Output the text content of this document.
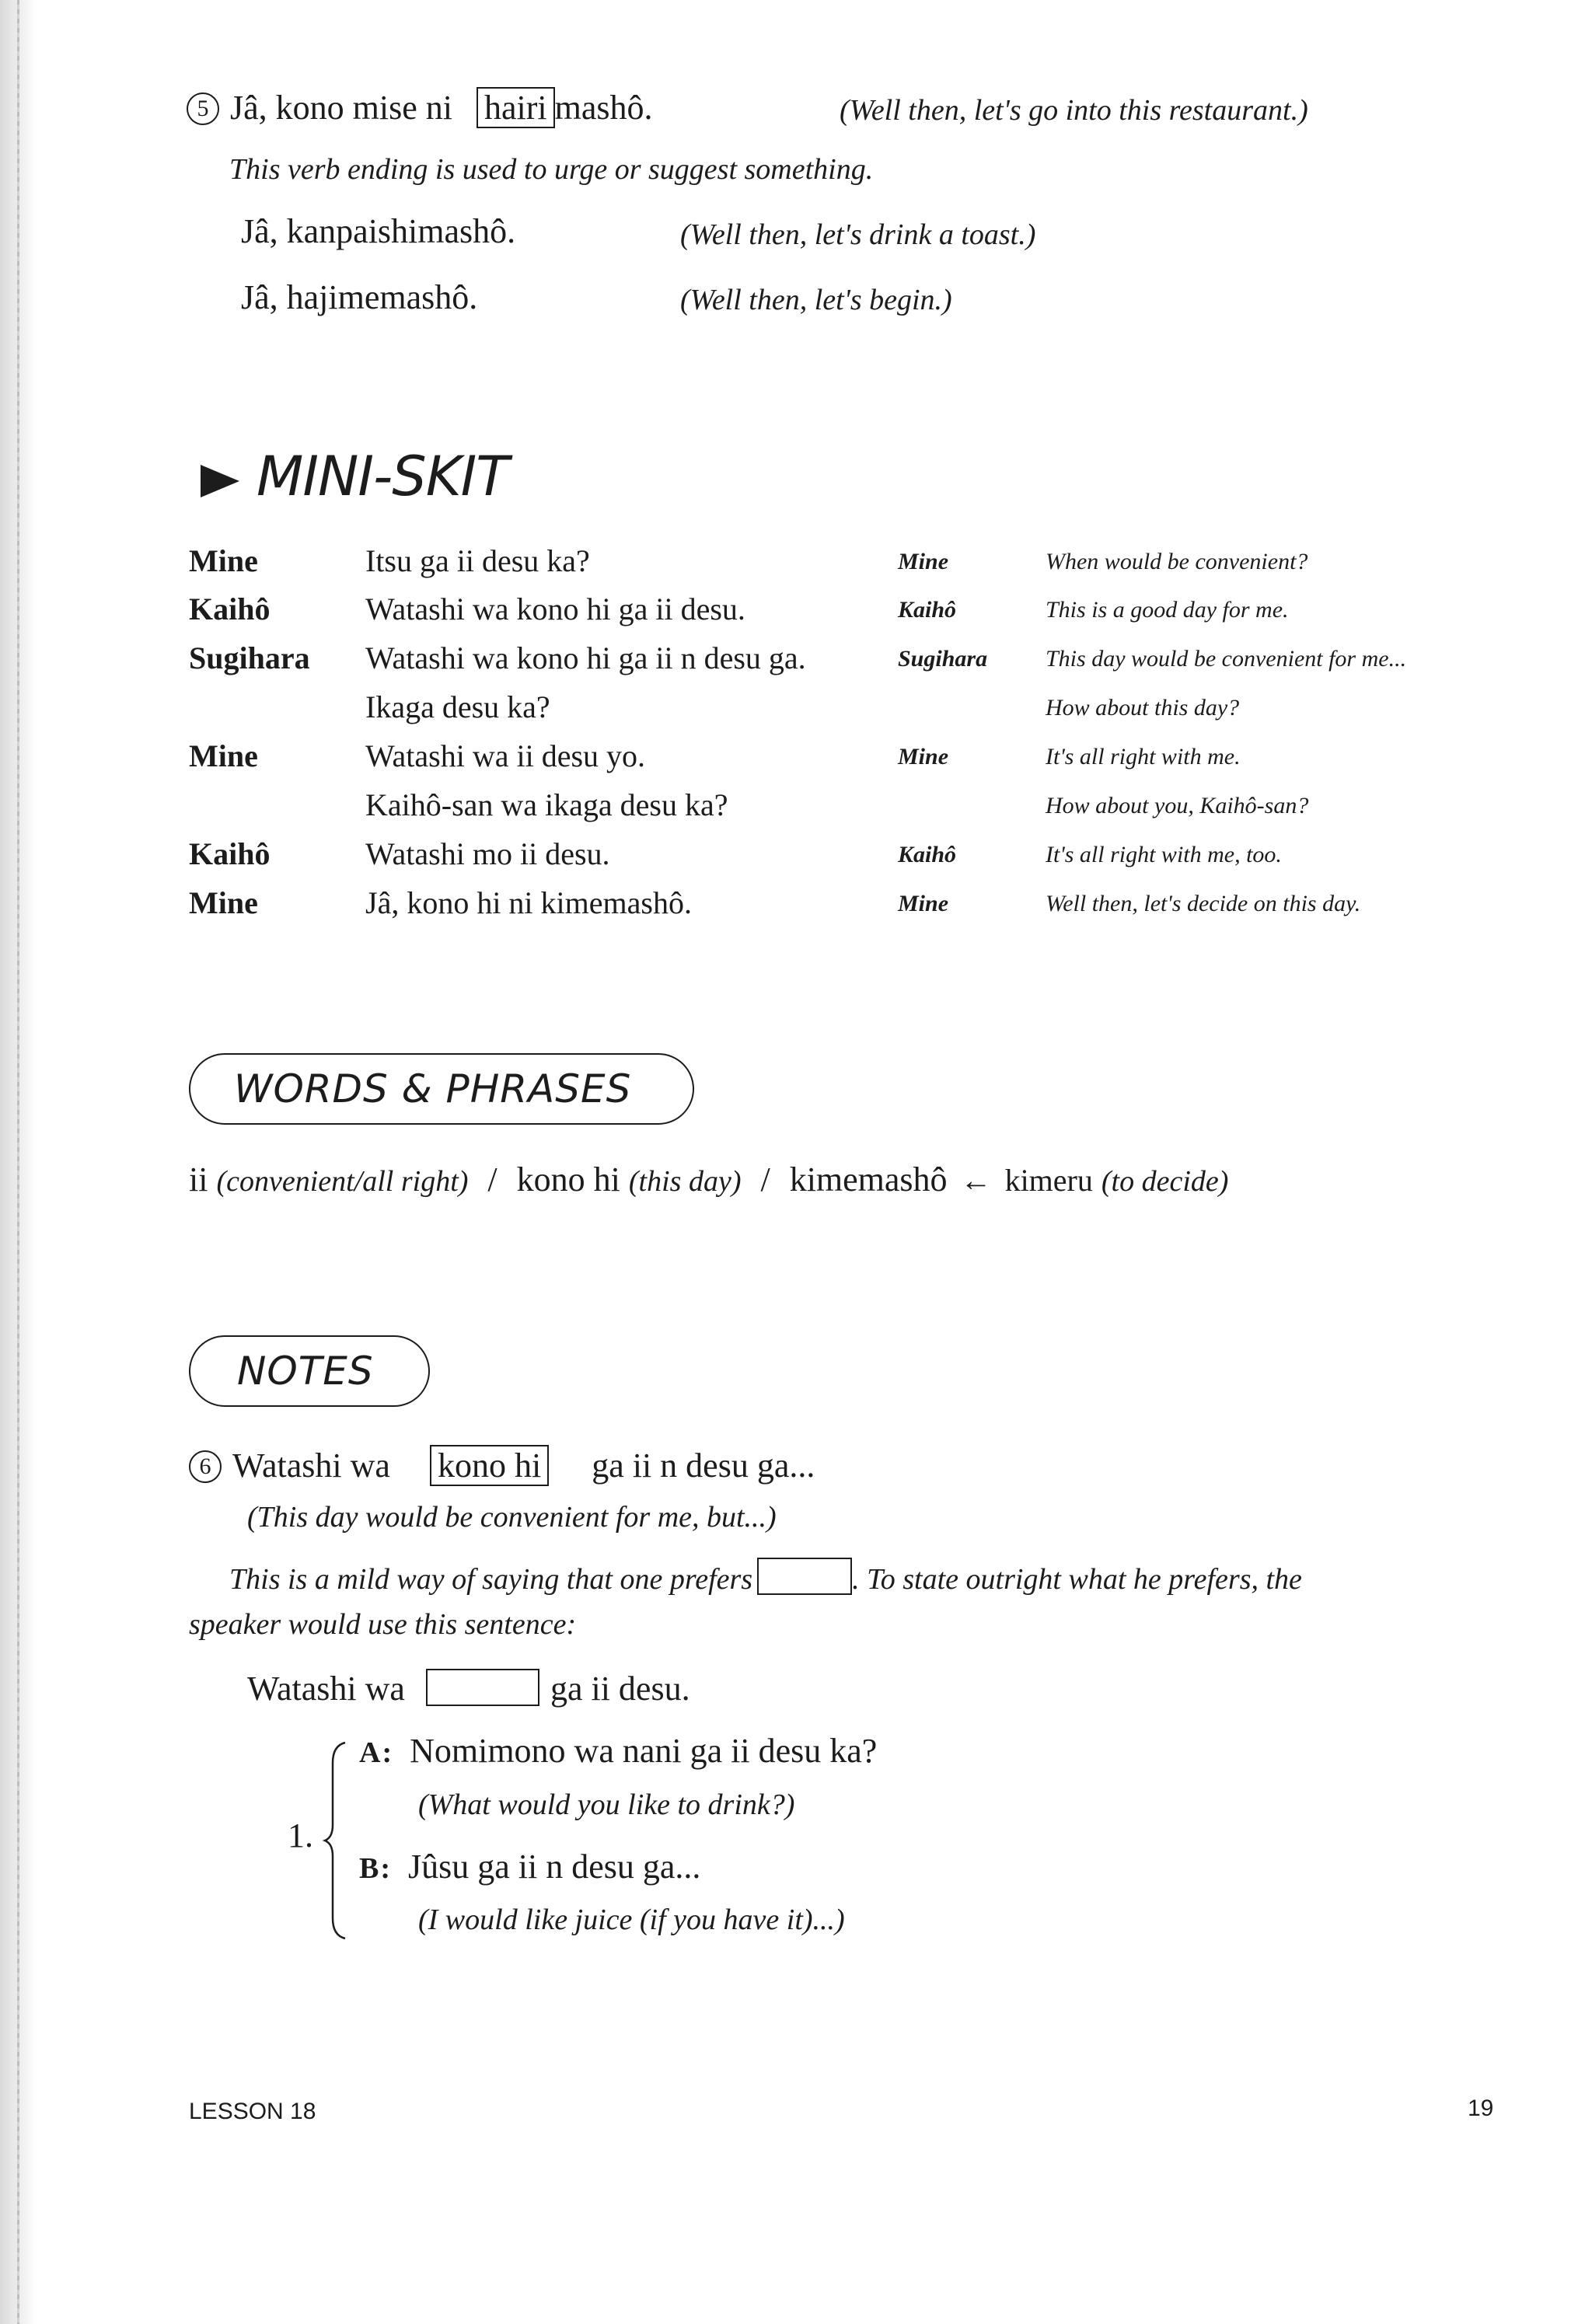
5 Jâ, kono mise ni hairi mashô.	(Well then, let's go into this restaurant.)
This verb ending is used to urge or suggest something.
Jâ, kanpaishimashô.	(Well then, let's drink a toast.)
Jâ, hajimemashô.	(Well then, let's begin.)
MINI-SKIT
Mine	Itsu ga ii desu ka?	Mine	When would be convenient?
Kaihô	Watashi wa kono hi ga ii desu.	Kaihô	This is a good day for me.
Sugihara Watashi wa kono hi ga ii n desu ga.	Sugihara This day would be convenient for me...
Ikaga desu ka?	How about this day?
Mine	Watashi wa ii desu yo.	Mine	It's all right with me.
Kaihô-san wa ikaga desu ka?	How about you, Kaihô-san?
Kaihô	Watashi mo ii desu.	Kaihô	It's all right with me, too.
Mine	Jâ, kono hi ni kimemashô.	Mine	Well then, let's decide on this day.
WORDS & PHRASES
ii (convenient/all right) / kono hi (this day) / kimemashô ← kimeru (to decide)
NOTES
6 Watashi wa kono hi ga ii n desu ga...
(This day would be convenient for me, but...)
This is a mild way of saying that one prefers	. To state outright what he prefers, the
speaker would use this sentence:
Watashi wa	ga ii desu.
1.
A: Nomimono wa nani ga ii desu ka?
(What would you like to drink?)
B: Jûsu ga ii n desu ga...
(I would like juice (if you have it)...)
LESSON 18	19
